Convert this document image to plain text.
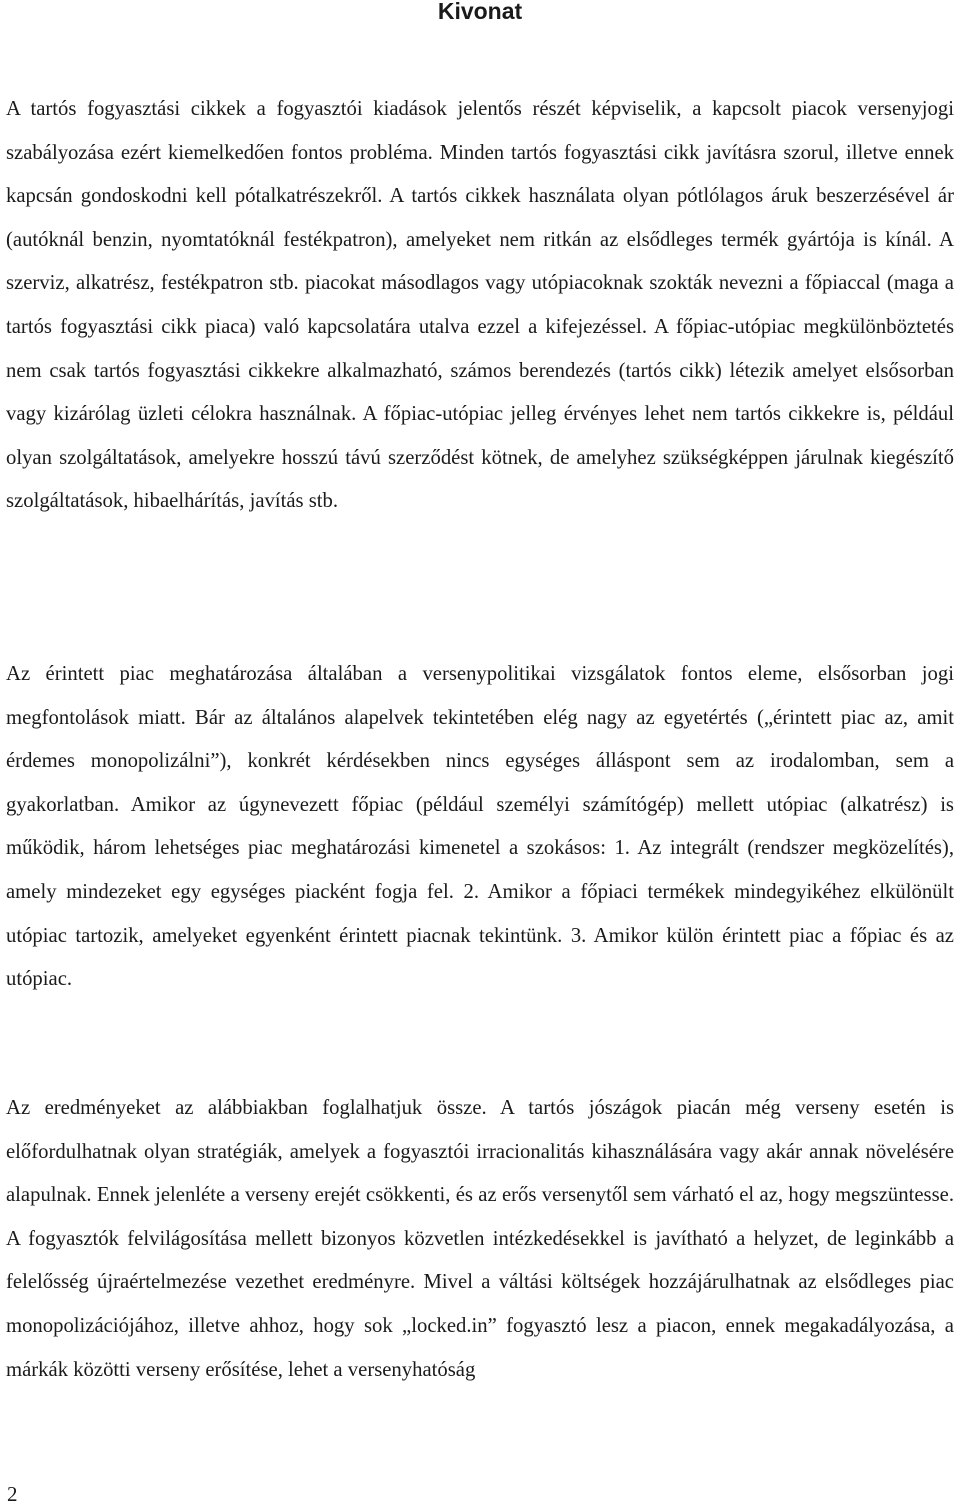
Kivonat

A tartós fogyasztási cikkek a fogyasztói kiadások jelentős részét képviselik, a kapcsolt piacok versenyjogi szabályozása ezért kiemelkedően fontos probléma. Minden tartós fogyasztási cikk javításra szorul, illetve ennek kapcsán gondoskodni kell pótalkatrészekről. A tartós cikkek használata olyan pótlólagos áruk beszerzésével ár (autóknál benzin, nyomtatóknál festékpatron), amelyeket nem ritkán az elsődleges termék gyártója is kínál. A szerviz, alkatrész, festékpatron stb. piacokat másodlagos vagy utópiacoknak szokták nevezni a főpiaccal (maga a tartós fogyasztási cikk piaca) való kapcsolatára utalva ezzel a kifejezéssel. A főpiac-utópiac megkülönböztetés nem csak tartós fogyasztási cikkekre alkalmazható, számos berendezés (tartós cikk) létezik amelyet elsősorban vagy kizárólag üzleti célokra használnak. A főpiac-utópiac jelleg érvényes lehet nem tartós cikkekre is, például olyan szolgáltatások, amelyekre hosszú távú szerződést kötnek, de amelyhez szükségképpen járulnak kiegészítő szolgáltatások, hibaelhárítás, javítás stb.

Az érintett piac meghatározása általában a versenypolitikai vizsgálatok fontos eleme, elsősorban jogi megfontolások miatt. Bár az általános alapelvek tekintetében elég nagy az egyetértés („érintett piac az, amit érdemes monopolizálni”), konkrét kérdésekben nincs egységes álláspont sem az irodalomban, sem a gyakorlatban. Amikor az úgynevezett főpiac (például személyi számítógép) mellett utópiac (alkatrész) is működik, három lehetséges piac meghatározási kimenetel a szokásos: 1. Az integrált (rendszer megközelítés), amely mindezeket egy egységes piacként fogja fel. 2. Amikor a főpiaci termékek mindegyikéhez elkülönült utópiac tartozik, amelyeket egyenként érintett piacnak tekintünk. 3. Amikor külön érintett piac a főpiac és az utópiac.

Az eredményeket az alábbiakban foglalhatjuk össze. A tartós jószágok piacán még verseny esetén is előfordulhatnak olyan stratégiák, amelyek a fogyasztói irracionalitás kihasználására vagy akár annak növelésére alapulnak. Ennek jelenléte a verseny erejét csökkenti, és az erős versenytől sem várható el az, hogy megszüntesse. A fogyasztók felvilágosítása mellett bizonyos közvetlen intézkedésekkel is javítható a helyzet, de leginkább a felelősség újraértelmezése vezethet eredményre. Mivel a váltási költségek hozzájárulhatnak az elsődleges piac monopolizációjához, illetve ahhoz, hogy sok „locked.in” fogyasztó lesz a piacon, ennek megakadályozása, a márkák közötti verseny erősítése, lehet a versenyhatóság

2
